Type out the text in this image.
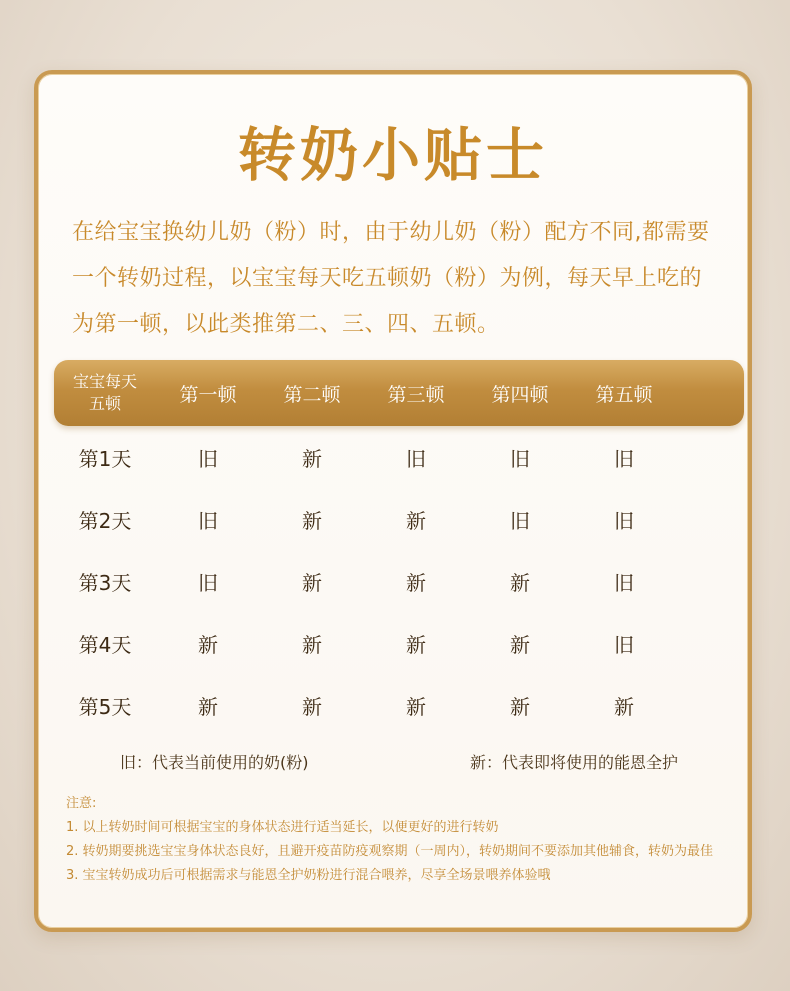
转奶小贴士
在给宝宝换幼儿奶（粉）时，由于幼儿奶（粉）配方不同,都需要一个转奶过程，以宝宝每天吃五顿奶（粉）为例，每天早上吃的为第一顿，以此类推第二、三、四、五顿。
宝宝每天
五顿	第一顿	第二顿	第三顿	第四顿	第五顿
第1天	旧	新	旧	旧	旧
第2天	旧	新	新	旧	旧
第3天	旧	新	新	新	旧
第4天	新	新	新	新	旧
第5天	新	新	新	新	新
旧：代表当前使用的奶(粉)	新：代表即将使用的能恩全护
注意:
1. 以上转奶时间可根据宝宝的身体状态进行适当延长，以便更好的进行转奶
2. 转奶期要挑选宝宝身体状态良好，且避开疫苗防疫观察期（一周内），转奶期间不要添加其他辅食，转奶为最佳
3. 宝宝转奶成功后可根据需求与能恩全护奶粉进行混合喂养，尽享全场景喂养体验哦
